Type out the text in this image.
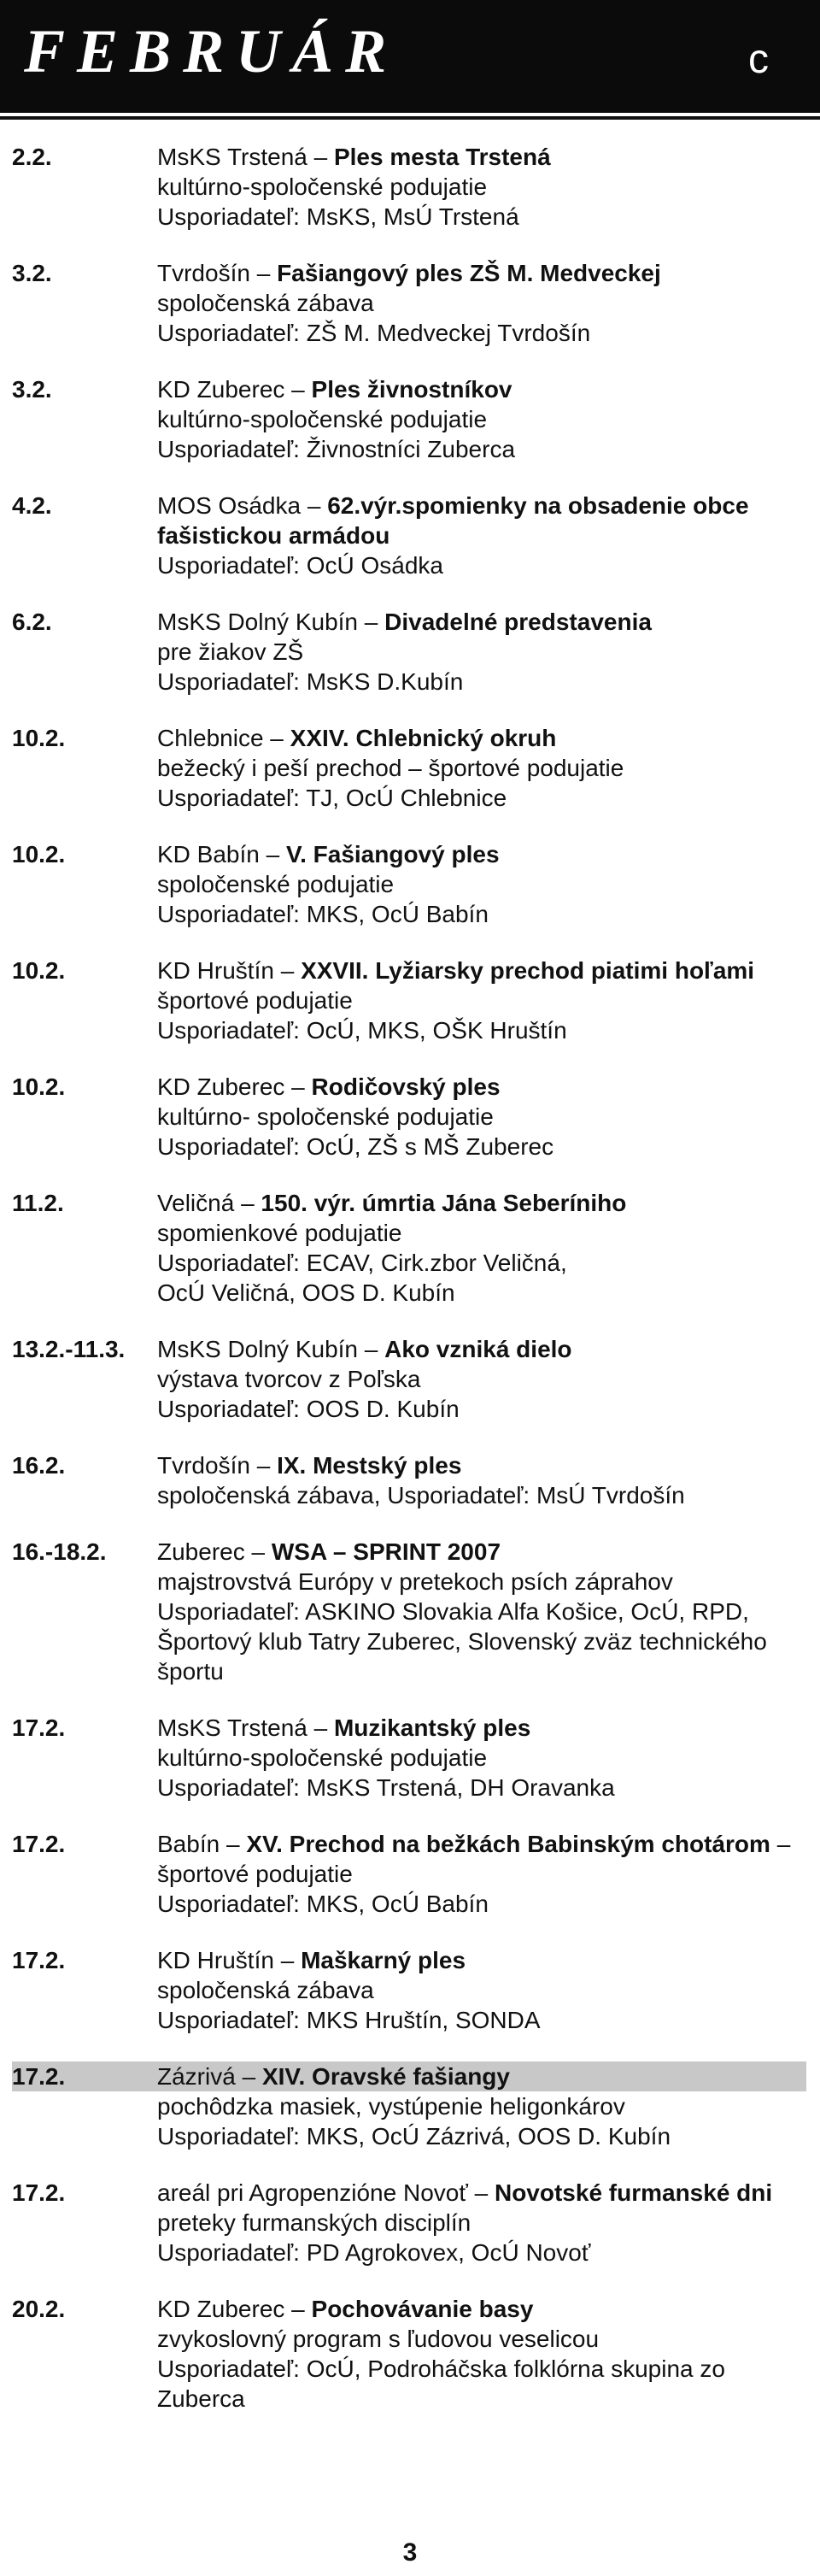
FEBRUÁR	c
2.2.	MsKS Trstená – Ples mesta Trstená
kultúrno-spoločenské podujatie
Usporiadateľ: MsKS, MsÚ Trstená
3.2.	Tvrdošín – Fašiangový ples ZŠ M. Medveckej
spoločenská zábava
Usporiadateľ: ZŠ M. Medveckej Tvrdošín
3.2.	KD Zuberec – Ples živnostníkov
kultúrno-spoločenské podujatie
Usporiadateľ: Živnostníci Zuberca
4.2.	MOS Osádka – 62.výr.spomienky na obsadenie obce fašistickou armádou
Usporiadateľ: OcÚ Osádka
6.2.	MsKS Dolný Kubín – Divadelné predstavenia
pre žiakov ZŠ
Usporiadateľ: MsKS D.Kubín
10.2.	Chlebnice – XXIV. Chlebnický okruh
bežecký i peší prechod – športové podujatie
Usporiadateľ: TJ, OcÚ Chlebnice
10.2.	KD Babín – V. Fašiangový ples
spoločenské podujatie
Usporiadateľ: MKS, OcÚ Babín
10.2.	KD Hruštín – XXVII. Lyžiarsky prechod piatimi hoľami
športové podujatie
Usporiadateľ: OcÚ, MKS, OŠK Hruštín
10.2.	KD Zuberec – Rodičovský ples
kultúrno- spoločenské podujatie
Usporiadateľ: OcÚ, ZŠ s MŠ Zuberec
11.2.	Veličná – 150. výr. úmrtia Jána Seberíniho
spomienkové podujatie
Usporiadateľ: ECAV, Cirk.zbor Veličná,
OcÚ Veličná, OOS D. Kubín
13.2.-11.3.	MsKS Dolný Kubín – Ako vzniká dielo
výstava tvorcov z Poľska
Usporiadateľ: OOS D. Kubín
16.2.	Tvrdošín – IX. Mestský ples
spoločenská zábava, Usporiadateľ: MsÚ Tvrdošín
16.-18.2.	Zuberec – WSA – SPRINT 2007
majstrovstvá Európy v pretekoch psích záprahov
Usporiadateľ: ASKINO Slovakia Alfa Košice, OcÚ, RPD, Športový klub Tatry Zuberec, Slovenský zväz technického športu
17.2.	MsKS Trstená – Muzikantský ples
kultúrno-spoločenské podujatie
Usporiadateľ: MsKS Trstená, DH Oravanka
17.2.	Babín – XV. Prechod na bežkách Babinským chotárom – športové podujatie
Usporiadateľ: MKS, OcÚ Babín
17.2.	KD Hruštín – Maškarný ples
spoločenská zábava
Usporiadateľ: MKS Hruštín, SONDA
17.2.	Zázrivá – XIV. Oravské fašiangy
pochôdzka masiek, vystúpenie heligonkárov
Usporiadateľ: MKS, OcÚ Zázrivá, OOS D. Kubín
17.2.	areál pri Agropenzióne Novoť – Novotské furmanské dni
preteky furmanských disciplín
Usporiadateľ: PD Agrokovex, OcÚ Novoť
20.2.	KD Zuberec – Pochovávanie basy
zvykoslovný program s ľudovou veselicou
Usporiadateľ: OcÚ, Podroháčska folklórna skupina zo Zuberca
3
